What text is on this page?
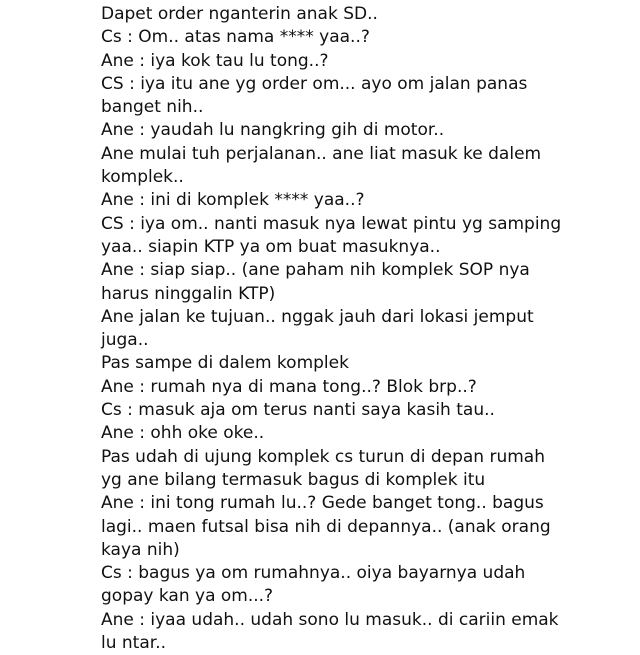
Dapet order nganterin anak SD..
Cs : Om.. atas nama **** yaa..?
Ane : iya kok tau lu tong..?
CS : iya itu ane yg order om... ayo om jalan panas
banget nih..
Ane : yaudah lu nangkring gih di motor..
Ane mulai tuh perjalanan.. ane liat masuk ke dalem
komplek..
Ane : ini di komplek **** yaa..?
CS : iya om.. nanti masuk nya lewat pintu yg samping
yaa.. siapin KTP ya om buat masuknya..
Ane : siap siap.. (ane paham nih komplek SOP nya
harus ninggalin KTP)
Ane jalan ke tujuan.. nggak jauh dari lokasi jemput
juga..
Pas sampe di dalem komplek
Ane : rumah nya di mana tong..? Blok brp..?
Cs : masuk aja om terus nanti saya kasih tau..
Ane : ohh oke oke..
Pas udah di ujung komplek cs turun di depan rumah
yg ane bilang termasuk bagus di komplek itu
Ane : ini tong rumah lu..? Gede banget tong.. bagus
lagi.. maen futsal bisa nih di depannya.. (anak orang
kaya nih)
Cs : bagus ya om rumahnya.. oiya bayarnya udah
gopay kan ya om...?
Ane : iyaa udah.. udah sono lu masuk.. di cariin emak
lu ntar..
